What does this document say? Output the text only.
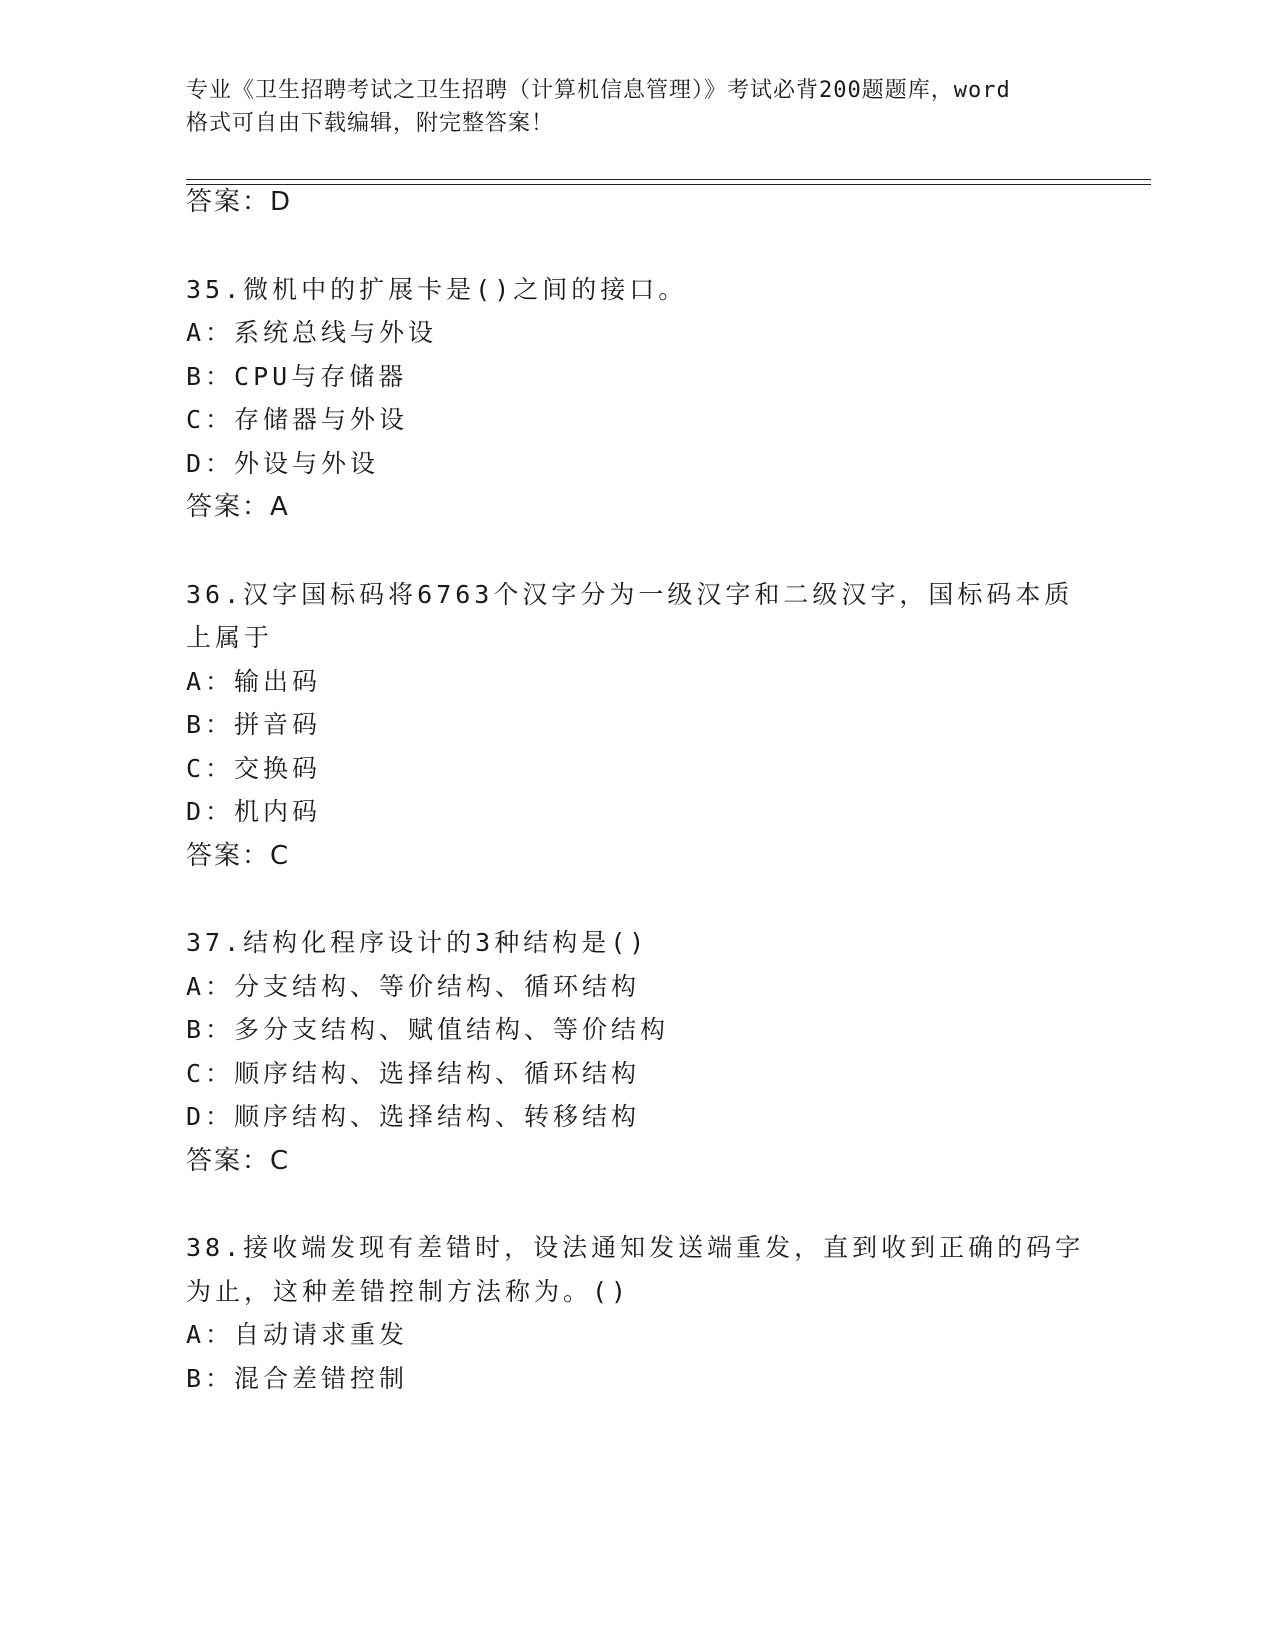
专业《卫生招聘考试之卫生招聘（计算机信息管理）》考试必背200题题库，word
格式可自由下载编辑，附完整答案！
答案：D
35.微机中的扩展卡是()之间的接口。
A：系统总线与外设
B：CPU与存储器
C：存储器与外设
D：外设与外设
答案：A
36.汉字国标码将6763个汉字分为一级汉字和二级汉字，国标码本质
上属于
A：输出码
B：拼音码
C：交换码
D：机内码
答案：C
37.结构化程序设计的3种结构是()
A：分支结构、等价结构、循环结构
B：多分支结构、赋值结构、等价结构
C：顺序结构、选择结构、循环结构
D：顺序结构、选择结构、转移结构
答案：C
38.接收端发现有差错时，设法通知发送端重发，直到收到正确的码字
为止，这种差错控制方法称为。()
A：自动请求重发
B：混合差错控制
